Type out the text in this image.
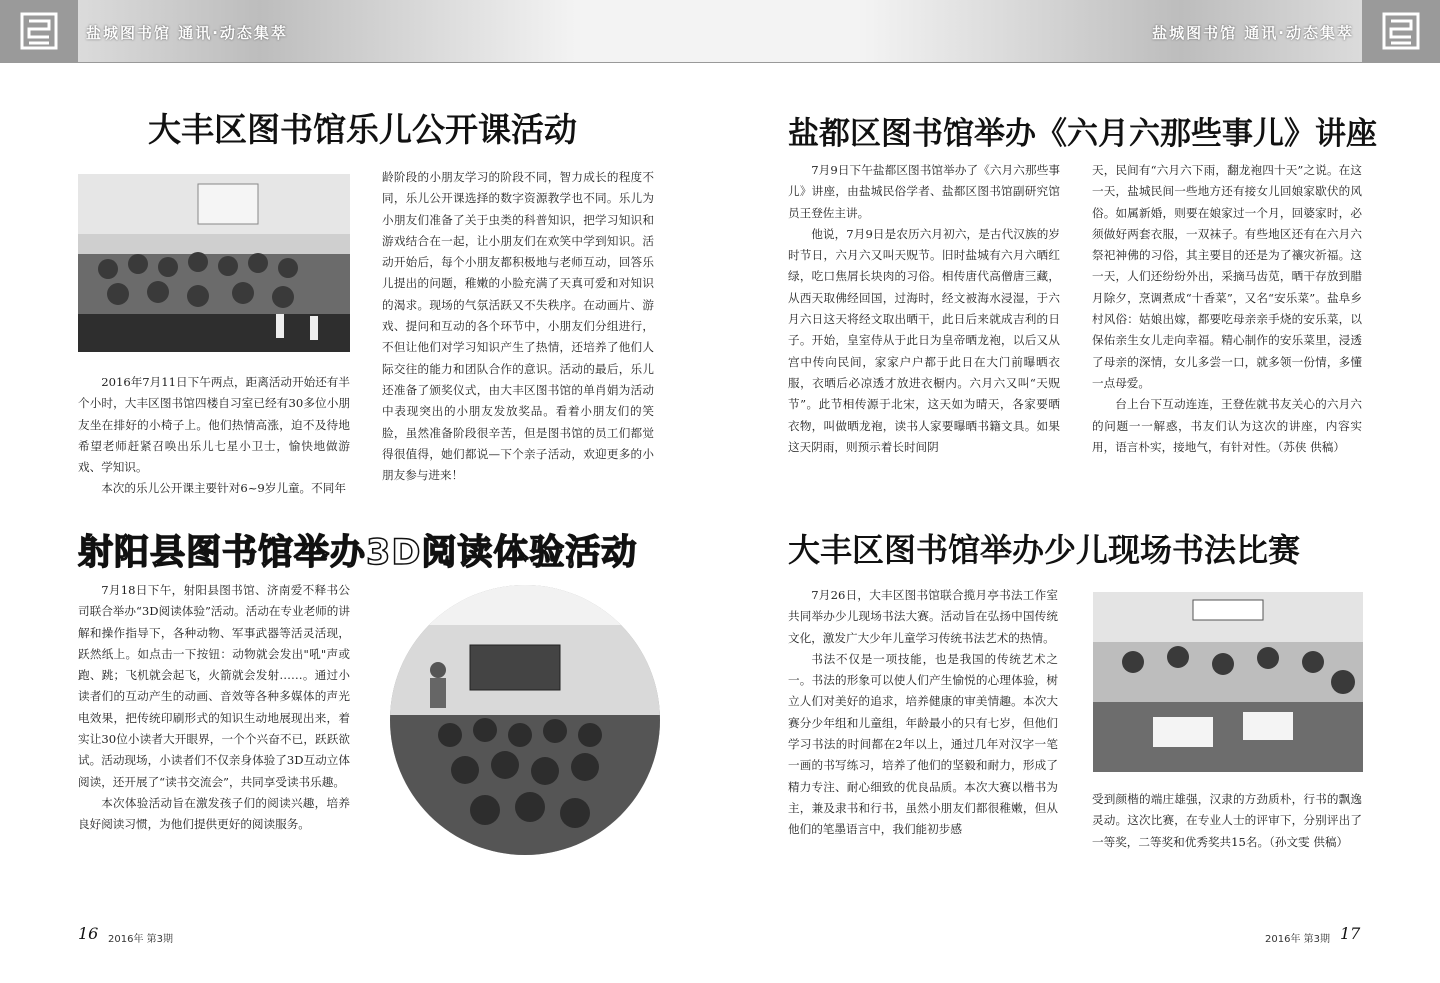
盐城图书馆 通讯·动态集萃	盐城图书馆 通讯·动态集萃
大丰区图书馆乐儿公开课活动

2016年7月11日下午两点，距离活动开始还有半个小时，大丰区图书馆四楼自习室已经有30多位小朋友坐在排好的小椅子上。他们热情高涨，迫不及待地希望老师赶紧召唤出乐儿七星小卫士，愉快地做游戏、学知识。

本次的乐儿公开课主要针对6~9岁儿童。不同年

龄阶段的小朋友学习的阶段不同，智力成长的程度不同，乐儿公开课选择的数字资源教学也不同。乐儿为小朋友们准备了关于虫类的科普知识，把学习知识和游戏结合在一起，让小朋友们在欢笑中学到知识。活动开始后，每个小朋友都积极地与老师互动，回答乐儿提出的问题，稚嫩的小脸充满了天真可爱和对知识的渴求。现场的气氛活跃又不失秩序。在动画片、游戏、提问和互动的各个环节中，小朋友们分组进行，不但让他们对学习知识产生了热情，还培养了他们人际交往的能力和团队合作的意识。活动的最后，乐儿还准备了颁奖仪式，由大丰区图书馆的单肖娟为活动中表现突出的小朋友发放奖品。看着小朋友们的笑脸，虽然准备阶段很辛苦，但是图书馆的员工们都觉得很值得，她们都说—下个亲子活动，欢迎更多的小朋友参与进来！

盐都区图书馆举办《六月六那些事儿》讲座

7月9日下午盐都区图书馆举办了《六月六那些事儿》讲座，由盐城民俗学者、盐都区图书馆副研究馆员王登佐主讲。

他说，7月9日是农历六月初六，是古代汉族的岁时节日，六月六又叫天贶节。旧时盐城有六月六晒红绿，吃口焦屑长块肉的习俗。相传唐代高僧唐三藏，从西天取佛经回国，过海时，经文被海水浸湿，于六月六日这天将经文取出晒干，此日后来就成吉利的日子。开始，皇室侍从于此日为皇帝晒龙袍，以后又从宫中传向民间，家家户户都于此日在大门前曝晒衣服，衣晒后必凉透才放进衣橱内。六月六又叫“天贶节”。此节相传源于北宋，这天如为晴天，各家要晒衣物，叫做晒龙袍，读书人家要曝晒书籍文具。如果这天阴雨，则预示着长时间阴

天，民间有“六月六下雨，翻龙袍四十天”之说。在这一天，盐城民间一些地方还有接女儿回娘家歇伏的风俗。如属新婚，则要在娘家过一个月，回婆家时，必须做好两套衣服，一双袜子。有些地区还有在六月六祭祀神佛的习俗，其主要目的还是为了禳灾祈福。这一天，人们还纷纷外出，采摘马齿苋，晒干存放到腊月除夕，烹调煮成“十香菜”，又名“安乐菜”。盐阜乡村风俗：姑娘出嫁，都要吃母亲亲手烧的安乐菜，以保佑亲生女儿走向幸福。精心制作的安乐菜里，浸透了母亲的深情，女儿多尝一口，就多领一份情，多懂一点母爱。

台上台下互动连连，王登佐就书友关心的六月六的问题一一解惑，书友们认为这次的讲座，内容实用，语言朴实，接地气，有针对性。（苏侠 供稿）

射阳县图书馆举办3D阅读体验活动

7月18日下午，射阳县图书馆、济南爱不释书公司联合举办“3D阅读体验”活动。活动在专业老师的讲解和操作指导下，各种动物、军事武器等活灵活现，跃然纸上。如点击一下按钮：动物就会发出"吼"声或跑、跳；飞机就会起飞，火箭就会发射……。通过小读者们的互动产生的动画、音效等各种多媒体的声光电效果，把传统印刷形式的知识生动地展现出来，着实让30位小读者大开眼界，一个个兴奋不已，跃跃欲试。活动现场，小读者们不仅亲身体验了3D互动立体阅读，还开展了“读书交流会”，共同享受读书乐趣。

本次体验活动旨在激发孩子们的阅读兴趣，培养良好阅读习惯，为他们提供更好的阅读服务。

大丰区图书馆举办少儿现场书法比赛

7月26日，大丰区图书馆联合揽月亭书法工作室共同举办少儿现场书法大赛。活动旨在弘扬中国传统文化，激发广大少年儿童学习传统书法艺术的热情。

书法不仅是一项技能，也是我国的传统艺术之一。书法的形象可以使人们产生愉悦的心理体验，树立人们对美好的追求，培养健康的审美情趣。本次大赛分少年组和儿童组，年龄最小的只有七岁，但他们学习书法的时间都在2年以上，通过几年对汉字一笔一画的书写练习，培养了他们的坚毅和耐力，形成了精力专注、耐心细致的优良品质。本次大赛以楷书为主，兼及隶书和行书，虽然小朋友们都很稚嫩，但从他们的笔墨语言中，我们能初步感

受到颜楷的端庄雄强，汉隶的方劲质朴，行书的飘逸灵动。这次比赛，在专业人士的评审下，分别评出了一等奖，二等奖和优秀奖共15名。（孙文雯 供稿）

16 2016年 第3期	2016年 第3期 17
